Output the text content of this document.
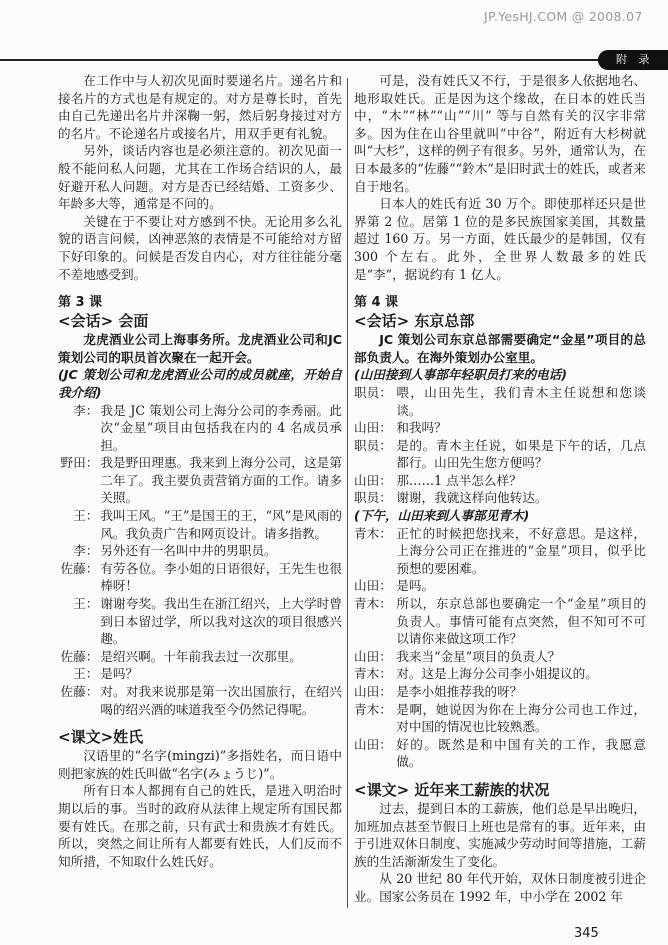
JP.YesHJ.COM @ 2008.07
附 录

在工作中与人初次见面时要递名片。递名片和接名片的方式也是有规定的。对方是尊长时，首先由自己先递出名片并深鞠一躬，然后躬身接过对方的名片。不论递名片或接名片，用双手更有礼貌。

另外，谈话内容也是必须注意的。初次见面一般不能问私人问题，尤其在工作场合结识的人，最好避开私人问题。对方是否已经结婚、工资多少、年龄多大等，通常是不问的。

关键在于不要让对方感到不快。无论用多么礼貌的语言问候，凶神恶煞的表情是不可能给对方留下好印象的。问候是否发自内心，对方往往能分毫不差地感受到。

第 3 课

<会话> 会面

龙虎酒业公司上海事务所。龙虎酒业公司和JC 策划公司的职员首次聚在一起开会。

(JC 策划公司和龙虎酒业公司的成员就座，开始自我介绍)

李： 我是 JC 策划公司上海分公司的李秀丽。此次“金星”项目由包括我在内的 4 名成员承担。
野田： 我是野田理惠。我来到上海分公司，这是第二年了。我主要负责营销方面的工作。请多关照。
王： 我叫王风。“王”是国王的王，“风”是风雨的风。我负责广告和网页设计。请多指教。
李： 另外还有一名叫中井的男职员。
佐藤： 有劳各位。李小姐的日语很好，王先生也很棒呀！
王： 谢谢夸奖。我出生在浙江绍兴，上大学时曾到日本留过学，所以我对这次的项目很感兴趣。
佐藤： 是绍兴啊。十年前我去过一次那里。
王： 是吗？
佐藤： 对。对我来说那是第一次出国旅行，在绍兴喝的绍兴酒的味道我至今仍然记得呢。

<课文>姓氏

汉语里的“名字(mingzi)”多指姓名，而日语中则把家族的姓氏叫做“名字(みょうじ)”。

所有日本人都拥有自己的姓氏，是进入明治时期以后的事。当时的政府从法律上规定所有国民都要有姓氏。在那之前，只有武士和贵族才有姓氏。所以，突然之间让所有人都要有姓氏，人们反而不知所措，不知取什么姓氏好。

可是，没有姓氏又不行，于是很多人依据地名、地形取姓氏。正是因为这个缘故，在日本的姓氏当中，“木”“林”“山”“川” 等与自然有关的汉字非常多。因为住在山谷里就叫“中谷”，附近有大杉树就叫“大杉”，这样的例子有很多。另外，通常认为，在日本最多的“佐藤”“鈴木”是旧时武士的姓氏，或者来自于地名。

日本人的姓氏有近 30 万个。即使那样还只是世界第 2 位。居第 1 位的是多民族国家美国，其数量超过 160 万。另一方面，姓氏最少的是韩国，仅有 300 个左右。此外，全世界人数最多的姓氏是“李”，据说约有 1 亿人。

第 4 课

<会话> 东京总部

JC 策划公司东京总部需要确定“金星”项目的总部负责人。在海外策划办公室里。

(山田接到人事部年轻职员打来的电话)

职员： 喂，山田先生，我们青木主任说想和您谈谈。
山田： 和我吗？
职员： 是的。青木主任说，如果是下午的话，几点都行。山田先生您方便吗？
山田： 那……1 点半怎么样？
职员： 谢谢，我就这样向他转达。

(下午，山田来到人事部见青木)

青木： 正忙的时候把您找来，不好意思。是这样，上海分公司正在推进的“金星”项目，似乎比预想的要困难。
山田： 是吗。
青木： 所以，东京总部也要确定一个“金星”项目的负责人。事情可能有点突然，但不知可不可以请你来做这项工作？
山田： 我来当“金星”项目的负责人？
青木： 对。这是上海分公司李小姐提议的。
山田： 是李小姐推荐我的呀？
青木： 是啊，她说因为你在上海分公司也工作过，对中国的情况也比较熟悉。
山田： 好的。既然是和中国有关的工作，我愿意做。

<课文> 近年来工薪族的状况

过去，提到日本的工薪族，他们总是早出晚归，加班加点甚至节假日上班也是常有的事。近年来，由于引进双休日制度、实施减少劳动时间等措施，工薪族的生活渐渐发生了变化。

从 20 世纪 80 年代开始，双休日制度被引进企业。国家公务员在 1992 年，中小学在 2002 年

345
